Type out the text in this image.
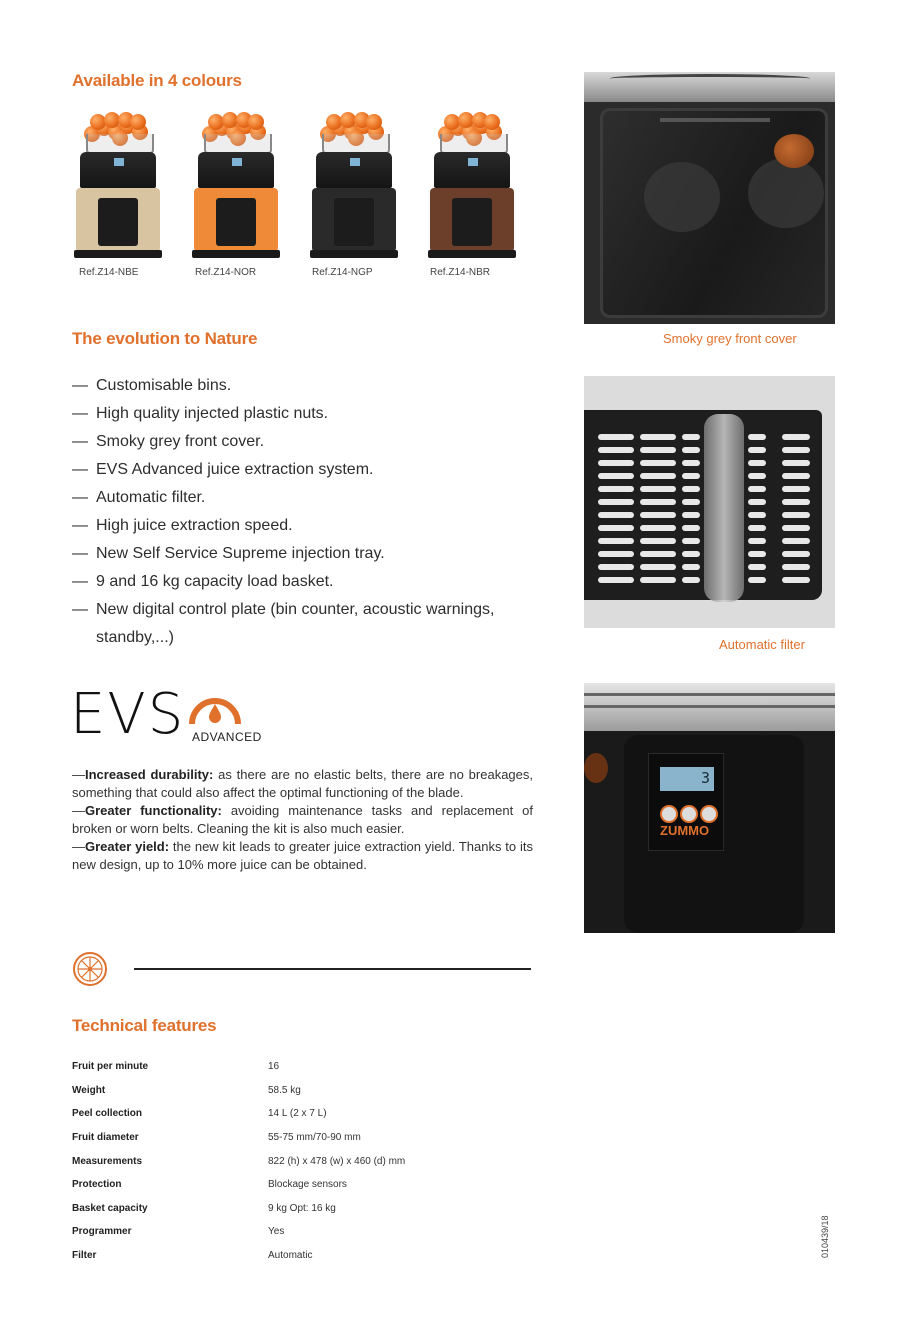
Available in 4 colours
Ref.Z14-NBE	Ref.Z14-NOR	Ref.Z14-NGP	Ref.Z14-NBR
The evolution to Nature
— Customisable bins.
— High quality injected plastic nuts.
— Smoky grey front cover.
— EVS Advanced juice extraction system.
— Automatic filter.
— High juice extraction speed.
— New Self Service Supreme injection tray.
— 9 and 16 kg capacity load basket.
— New digital control plate (bin counter, acoustic warnings, standby,...)
EVS ADVANCED
—Increased durability: as there are no elastic belts, there are no breakages, something that could also affect the optimal functioning of the blade.
—Greater functionality: avoiding maintenance tasks and replacement of broken or worn belts. Cleaning the kit is also much easier.
—Greater yield: the new kit leads to greater juice extraction yield. Thanks to its new design, up to 10% more juice can be obtained.
Technical features
Fruit per minute	16
Weight	58.5 kg
Peel collection	14 L (2 x 7 L)
Fruit diameter	55-75 mm/70-90 mm
Measurements	822 (h) x 478 (w) x 460 (d) mm
Protection	Blockage sensors
Basket capacity	9 kg Opt: 16 kg
Programmer	Yes
Filter	Automatic	010439/18
Smoky grey front cover
Automatic filter
3
ZUMMO
